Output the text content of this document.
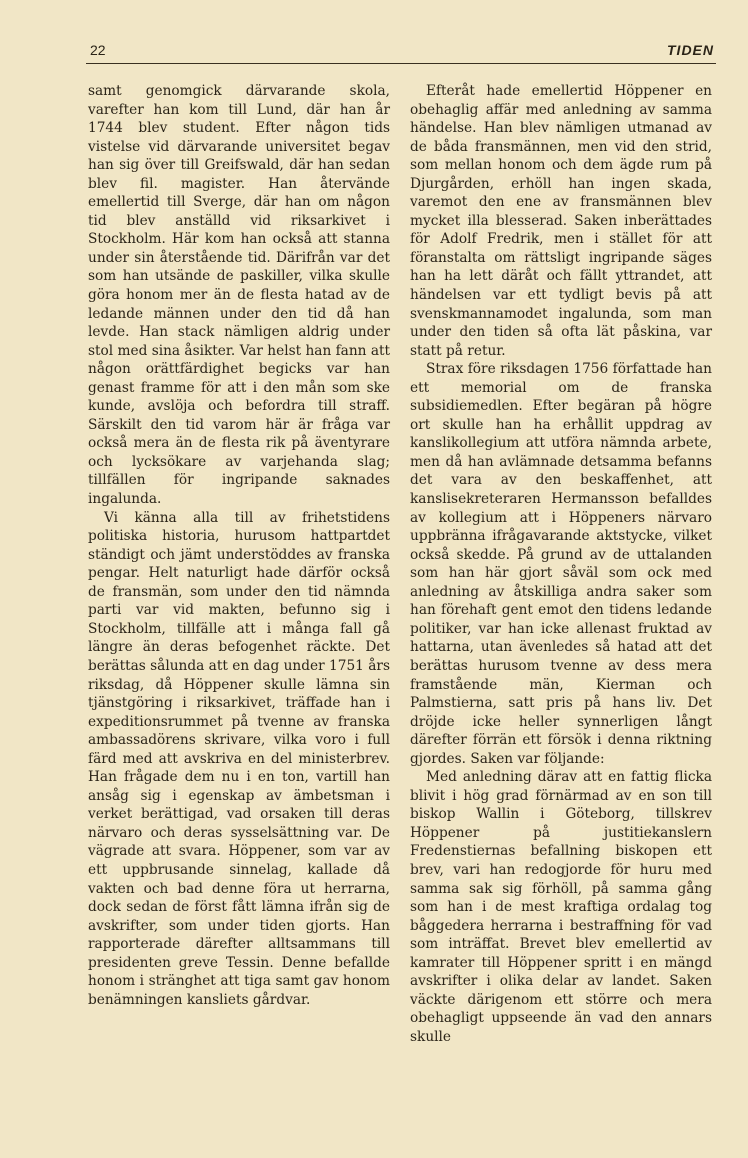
22	TIDEN

samt genomgick därvarande skola, varefter han kom till Lund, där han år 1744 blev student. Efter någon tids vistelse vid därvarande universitet begav han sig över till Greifswald, där han sedan blev fil. magister. Han återvände emellertid till Sverge, där han om någon tid blev anställd vid riksarkivet i Stockholm. Här kom han också att stanna under sin återstående tid. Därifrån var det som han utsände de paskiller, vilka skulle göra honom mer än de flesta hatad av de ledande männen under den tid då han levde. Han stack nämligen aldrig under stol med sina åsikter. Var helst han fann att någon orättfärdighet begicks var han genast framme för att i den mån som ske kunde, avslöja och befordra till straff. Särskilt den tid varom här är fråga var också mera än de flesta rik på äventyrare och lycksökare av varjehanda slag; tillfällen för ingripande saknades ingalunda.

Vi känna alla till av frihetstidens politiska historia, hurusom hattpartdet ständigt och jämt understöddes av franska pengar. Helt naturligt hade därför också de fransmän, som under den tid nämnda parti var vid makten, befunno sig i Stockholm, tillfälle att i många fall gå längre än deras befogenhet räckte. Det berättas sålunda att en dag under 1751 års riksdag, då Höppener skulle lämna sin tjänstgöring i riksarkivet, träffade han i expeditionsrummet på tvenne av franska ambassadörens skrivare, vilka voro i full färd med att avskriva en del ministerbrev. Han frågade dem nu i en ton, vartill han ansåg sig i egenskap av ämbetsman i verket berättigad, vad orsaken till deras närvaro och deras sysselsättning var. De vägrade att svara. Höppener, som var av ett uppbrusande sinnelag, kallade då vakten och bad denne föra ut herrarna, dock sedan de först fått lämna ifrån sig de avskrifter, som under tiden gjorts. Han rapporterade därefter alltsammans till presidenten greve Tessin. Denne befallde honom i stränghet att tiga samt gav honom benämningen kansliets gårdvar.

Efteråt hade emellertid Höppener en obehaglig affär med anledning av samma händelse. Han blev nämligen utmanad av de båda fransmännen, men vid den strid, som mellan honom och dem ägde rum på Djurgården, erhöll han ingen skada, varemot den ene av fransmännen blev mycket illa blesserad. Saken inberättades för Adolf Fredrik, men i stället för att föranstalta om rättsligt ingripande säges han ha lett däråt och fällt yttrandet, att händelsen var ett tydligt bevis på att svenskmannamodet ingalunda, som man under den tiden så ofta lät påskina, var statt på retur.

Strax före riksdagen 1756 författade han ett memorial om de franska subsidiemedlen. Efter begäran på högre ort skulle han ha erhållit uppdrag av kanslikollegium att utföra nämnda arbete, men då han avlämnade detsamma befanns det vara av den beskaffenhet, att kanslisekreteraren Hermansson befalldes av kollegium att i Höppeners närvaro uppbränna ifrågavarande aktstycke, vilket också skedde. På grund av de uttalanden som han här gjort såväl som ock med anledning av åtskilliga andra saker som han förehaft gent emot den tidens ledande politiker, var han icke allenast fruktad av hattarna, utan ävenledes så hatad att det berättas hurusom tvenne av dess mera framstående män, Kierman och Palmstierna, satt pris på hans liv. Det dröjde icke heller synnerligen långt därefter förrän ett försök i denna riktning gjordes. Saken var följande:

Med anledning därav att en fattig flicka blivit i hög grad förnärmad av en son till biskop Wallin i Göteborg, tillskrev Höppener på justitiekanslern Fredenstiernas befallning biskopen ett brev, vari han redogjorde för huru med samma sak sig förhöll, på samma gång som han i de mest kraftiga ordalag tog båggedera herrarna i bestraffning för vad som inträffat. Brevet blev emellertid av kamrater till Höppener spritt i en mängd avskrifter i olika delar av landet. Saken väckte därigenom ett större och mera obehagligt uppseende än vad den annars skulle
